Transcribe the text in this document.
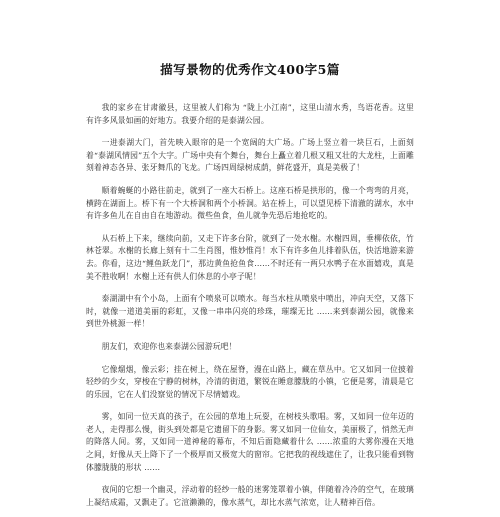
描写景物的优秀作文400字5篇

我的家乡在甘肃徽县，这里被人们称为 “陇上小江南”，这里山清水秀，鸟语花香。这里有许多风景如画的好地方。我要介绍的是泰湖公园。

一进泰湖大门，首先映入眼帘的是一个宽阔的大广场。广场上竖立着一块巨石，上面刻着“泰湖风情园”五个大字。广场中央有个舞台，舞台上矗立着几根又粗又壮的大龙柱，上面雕刻着神态各异、张牙舞爪的飞龙。广场四周绿树成荫，鲜花盛开，真是美极了！

顺着蜿蜒的小路往前走，就到了一座大石桥上。这座石桥是拱形的，像一个弯弯的月亮，横跨在湖面上。桥下有一个大桥洞和两个小桥洞。站在桥上，可以望见桥下清澈的湖水，水中有许多鱼儿在自由自在地游动。微些鱼食，鱼儿就争先恐后地抢吃的。

从石桥上下来，继续向前，又走下许多台阶，就到了一处水榭。水榭四周，垂柳依依，竹林苍翠。水榭的长廊上刻有十二生肖图，惟妙惟肖！水下有许多鱼儿排着队伍，快活地游来游去。你看，这边“鲤鱼跃龙门”，那边黄鱼抢鱼食……不时还有一两只水鸭子在水面嬉戏，真是美不胜收啊！水榭上还有供人们休息的小亭子呢！

泰湖湖中有个小岛，上面有个喷泉可以喷水。每当水柱从喷泉中喷出，冲向天空，又落下时，就像一道道美丽的彩虹，又像一串串闪亮的珍珠，璀璨无比 ……来到泰湖公园，就像来到世外桃源一样！

朋友们，欢迎你也来泰湖公园游玩吧！

它像熘烟，像云彩；挂在树上，绕在屋脊，漫在山路上，藏在草丛中。它又如同一位披着轻纱的少女，穿梭在宁静的树林，冷清的街道，繁锐在睡意朦胧的小镇，它便是雾，清晨是它的乐园，它在人们没察觉的情况下尽情嬉戏。

雾，如同一位天真的孩子，在公园的草地上玩耍，在树枝头歌唱。雾，又如同一位年迈的老人，走得那么慢，街头到处都是它遗留下的身影。雾又如同一位仙女，美丽极了，悄然无声的降落人间。雾，又如同一道神秘的幕布，不知后面隐藏着什么 ……浓重的大雾你漫在天地之间，好像从天上降下了一个极厚而又极宽大的窗帘。它把我的视线遮住了，让我只能看到物体朦胧胧的形状 ……

夜间的它想一个幽灵，浮动着的轻纱一般的迷雾笼罩着小镇，伴随着冷冷的空气，在玻璃上凝结成霜，又飘走了。它渲濑濑的，像水蒸气，却比水蒸气浓宽，让人精神百倍。
